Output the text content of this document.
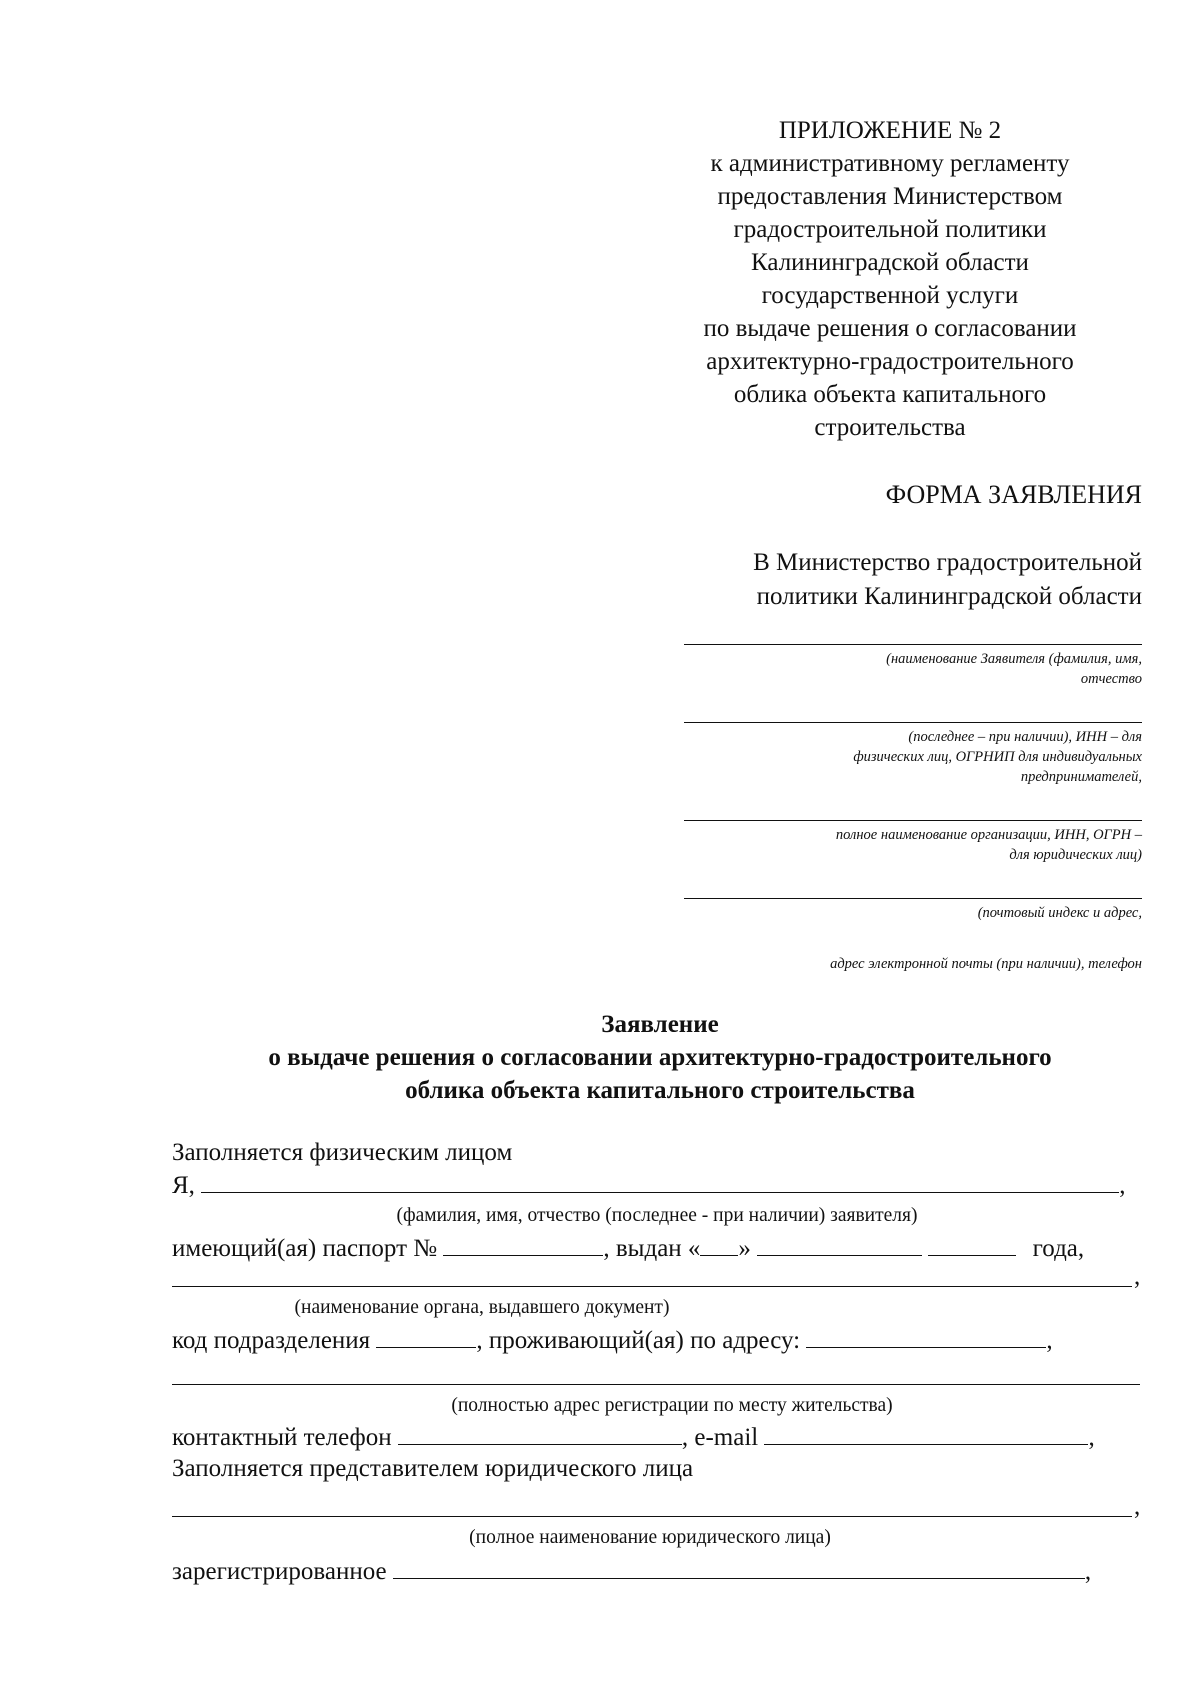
ПРИЛОЖЕНИЕ № 2
к административному регламенту
предоставления Министерством
градостроительной политики
Калининградской области
государственной услуги
по выдаче решения о согласовании
архитектурно-градостроительного
облика объекта капитального
строительства
ФОРМА ЗАЯВЛЕНИЯ
В Министерство градостроительной
политики Калининградской области
(наименование Заявителя (фамилия, имя,
отчество
(последнее – при наличии), ИНН – для
физических лиц, ОГРНИП для индивидуальных
предпринимателей,
полное наименование организации, ИНН, ОГРН –
для юридических лиц)
(почтовый индекс и адрес,
адрес электронной почты (при наличии), телефон
Заявление
о выдаче решения о согласовании архитектурно-градостроительного
облика объекта капитального строительства
Заполняется физическим лицом
Я,	,
(фамилия, имя, отчество (последнее - при наличии) заявителя)
имеющий(ая) паспорт №	, выдан « »	года,
,
(наименование органа, выдавшего документ)
код подразделения	, проживающий(ая) по адресу:	,
(полностью адрес регистрации по месту жительства)
контактный телефон	, e-mail	,
Заполняется представителем юридического лица
,
(полное наименование юридического лица)
зарегистрированное	,
